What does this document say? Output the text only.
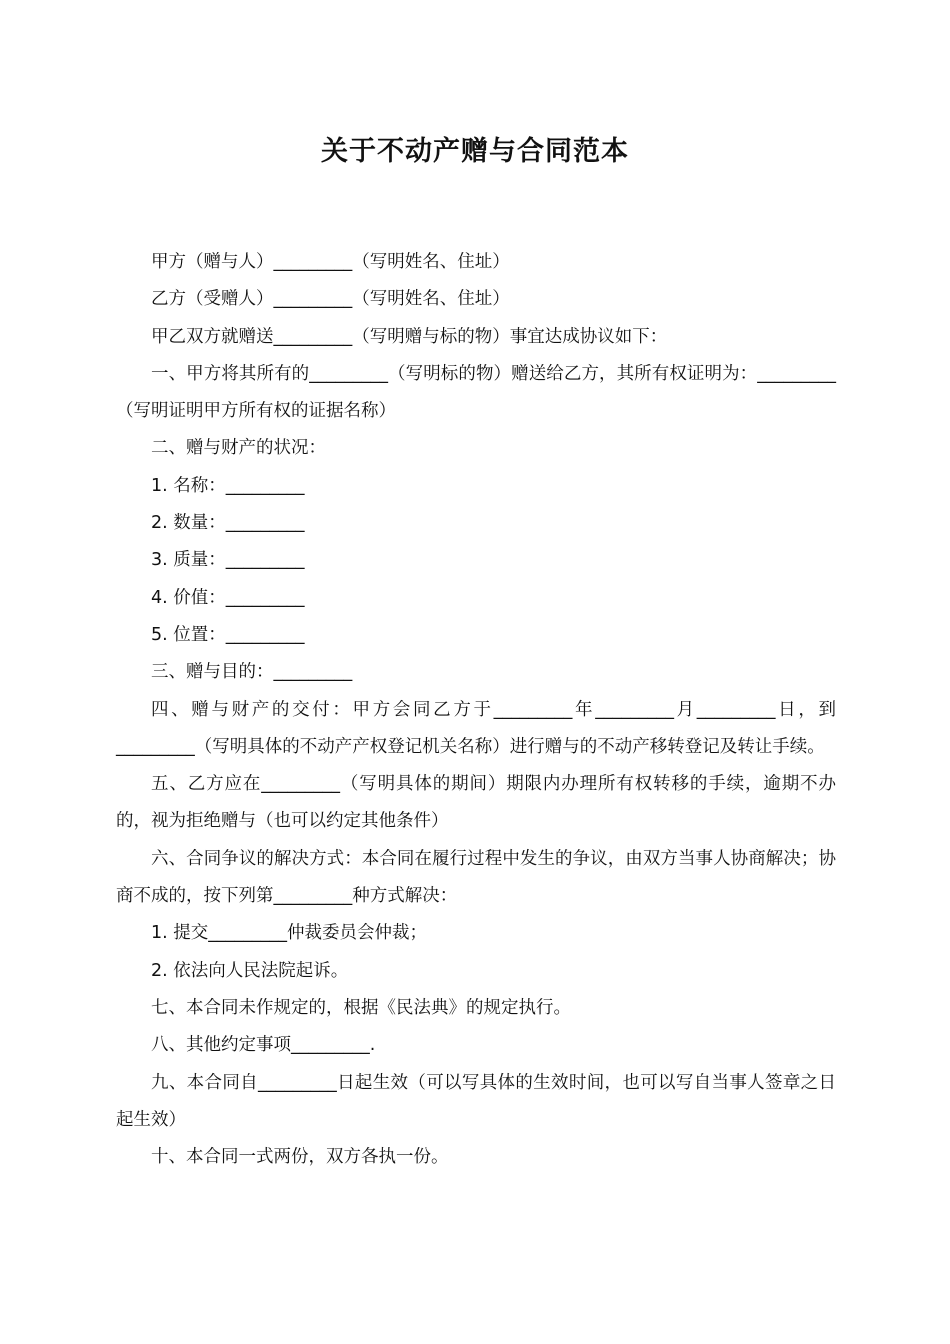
关于不动产赠与合同范本

甲方（赠与人）_________（写明姓名、住址）

乙方（受赠人）_________（写明姓名、住址）

甲乙双方就赠送_________（写明赠与标的物）事宜达成协议如下：

一、甲方将其所有的_________（写明标的物）赠送给乙方，其所有权证明为：_________（写明证明甲方所有权的证据名称）

二、赠与财产的状况：

1. 名称：_________

2. 数量：_________

3. 质量：_________

4. 价值：_________

5. 位置：_________

三、赠与目的：_________

四、赠与财产的交付：甲方会同乙方于_________年_________月_________日，到_________（写明具体的不动产产权登记机关名称）进行赠与的不动产移转登记及转让手续。

五、乙方应在_________（写明具体的期间）期限内办理所有权转移的手续，逾期不办的，视为拒绝赠与（也可以约定其他条件）

六、合同争议的解决方式：本合同在履行过程中发生的争议，由双方当事人协商解决；协商不成的，按下列第_________种方式解决：

1. 提交_________仲裁委员会仲裁；

2. 依法向人民法院起诉。

七、本合同未作规定的，根据《民法典》的规定执行。

八、其他约定事项_________.

九、本合同自_________日起生效（可以写具体的生效时间，也可以写自当事人签章之日起生效）

十、本合同一式两份，双方各执一份。
